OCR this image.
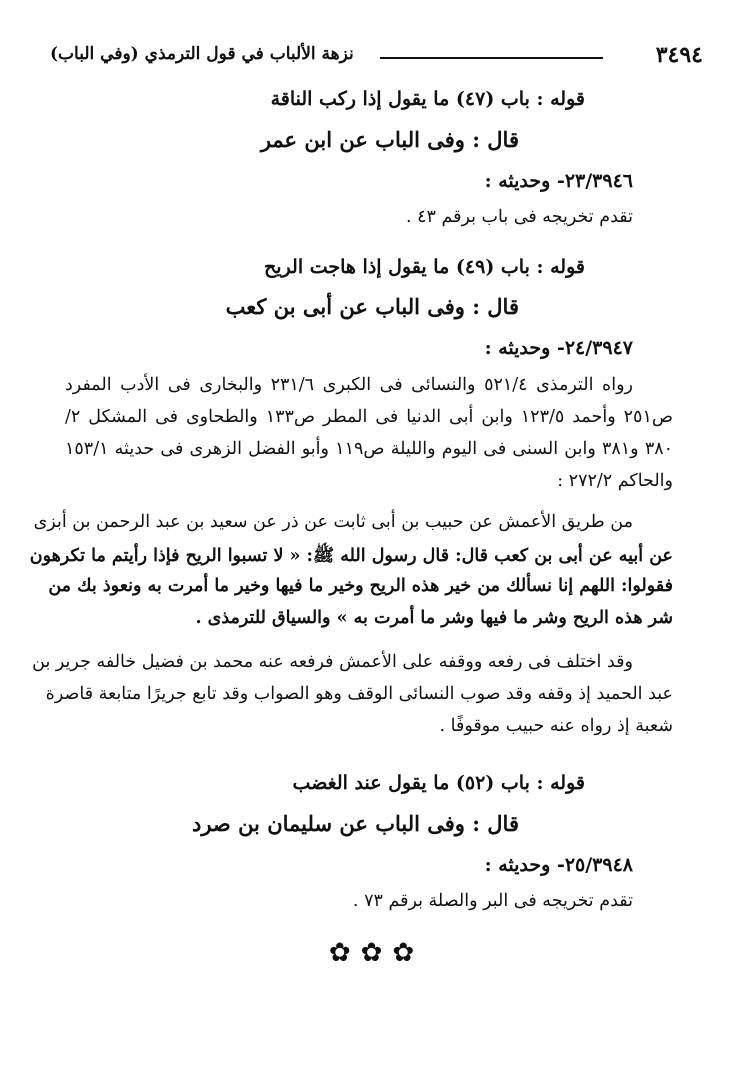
٣٤٩٤
نزهة الألباب في قول الترمذي (وفي الباب)
قوله : باب (٤٧) ما يقول إذا ركب الناقة
قال : وفى الباب عن ابن عمر
٢٣/٣٩٤٦- وحديثه :
تقدم تخريجه فى باب برقم ٤٣ .
قوله : باب (٤٩) ما يقول إذا هاجت الريح
قال : وفى الباب عن أبى بن كعب
٢٤/٣٩٤٧- وحديثه :
رواه الترمذى ٥٢١/٤ والنسائى فى الكبرى ٢٣١/٦ والبخارى فى الأدب المفرد
ص٢٥١ وأحمد ١٢٣/٥ وابن أبى الدنيا فى المطر ص١٣٣ والطحاوى فى المشكل ٢/
٣٨٠ و٣٨١ وابن السنى فى اليوم والليلة ص١١٩ وأبو الفضل الزهرى فى حديثه ١٥٣/١
والحاكم ٢٧٢/٢ :
من طريق الأعمش عن حبيب بن أبى ثابت عن ذر عن سعيد بن عبد الرحمن بن أبزى
عن أبيه عن أبى بن كعب قال: قال رسول الله ﷺ: « لا تسبوا الريح فإذا رأيتم ما تكرهون
فقولوا: اللهم إنا نسألك من خير هذه الريح وخير ما فيها وخير ما أمرت به ونعوذ بك من
شر هذه الريح وشر ما فيها وشر ما أمرت به » والسياق للترمذى .
وقد اختلف فى رفعه ووقفه على الأعمش فرفعه عنه محمد بن فضيل خالفه جرير بن
عبد الحميد إذ وقفه وقد صوب النسائى الوقف وهو الصواب وقد تابع جريرًا متابعة قاصرة
شعبة إذ رواه عنه حبيب موقوفًا .
قوله : باب (٥٢) ما يقول عند الغضب
قال : وفى الباب عن سليمان بن صرد
٢٥/٣٩٤٨- وحديثه :
تقدم تخريجه فى البر والصلة برقم ٧٣ .
✿✿✿
